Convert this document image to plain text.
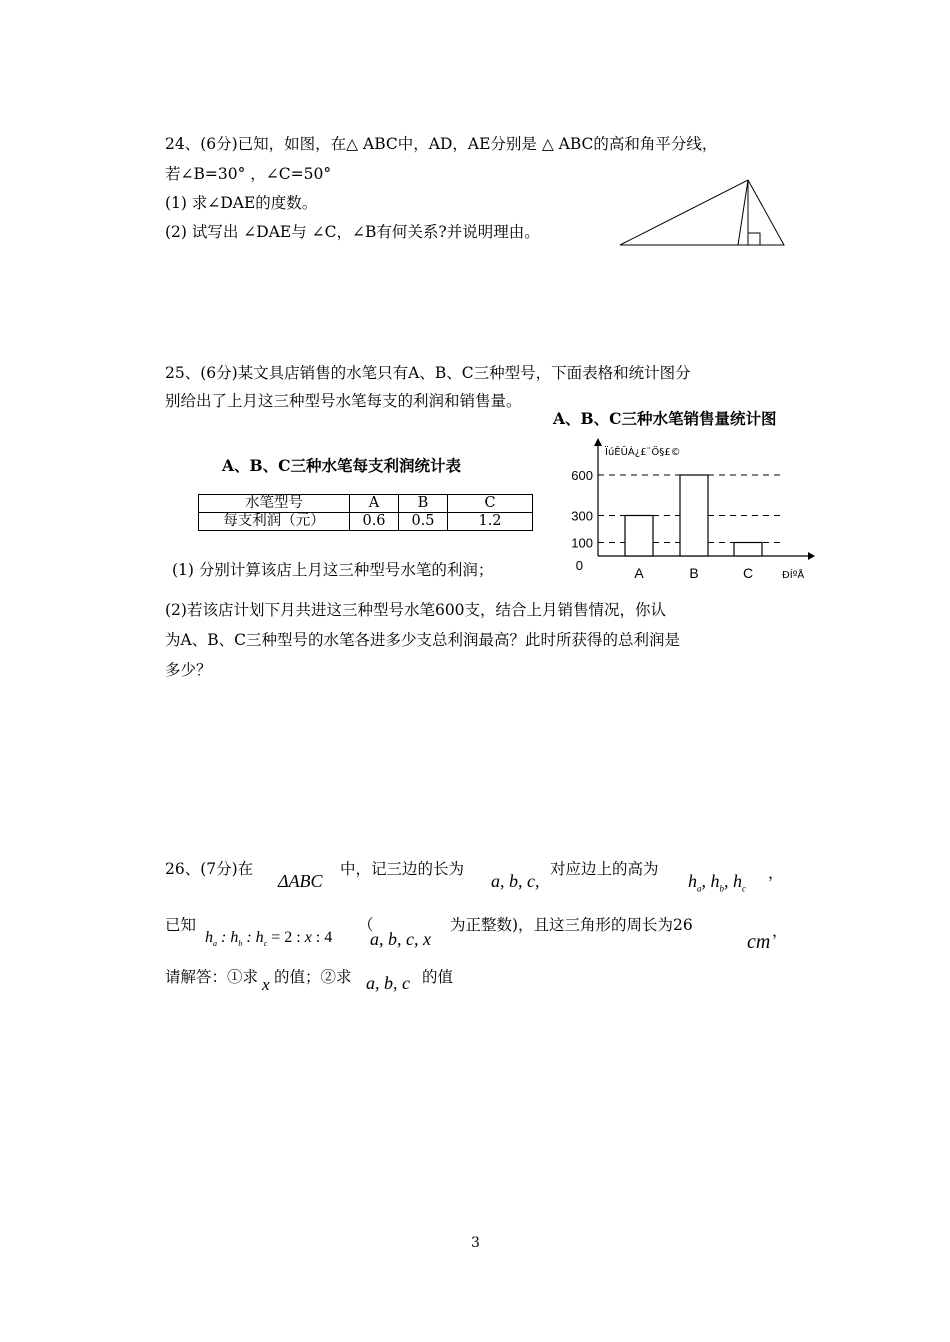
24、(6分)已知，如图，在△ ABC中，AD，AE分别是 △ ABC的高和角平分线，
若∠B=30° ，∠C=50°
(1) 求∠DAE的度数。
(2) 试写出 ∠DAE与 ∠C，∠B有何关系?并说明理由。
25、(6分)某文具店销售的水笔只有A、B、C三种型号，下面表格和统计图分
别给出了上月这三种型号水笔每支的利润和销售量。
A、B、C三种水笔销售量统计图
A、B、C三种水笔每支利润统计表
水笔型号	A	B	C
每支利润（元）	0.6	0.5	1.2
0
100
300
600
A	B	C
ÏúÊÛÁ¿£¨Ö§£©
ÐÍºÅ
(1) 分别计算该店上月这三种型号水笔的利润；
(2)若该店计划下月共进这三种型号水笔600支，结合上月销售情况，你认
为A、B、C三种型号的水笔各进多少支总利润最高？此时所获得的总利润是
多少？
26、(7分)在
ΔABC
中，记三边的长为
a, b, c,
对应边上的高为
$h_a$, $h_b$, $h_c$
，
已知
$h_a$ : $h_b$ : $h_c = 2$ : x : 4
（
a, b, c, x
为正整数)，且这三角形的周长为26
cm ，
请解答：①求 x 的值；②求 a, b, c 的值
3
